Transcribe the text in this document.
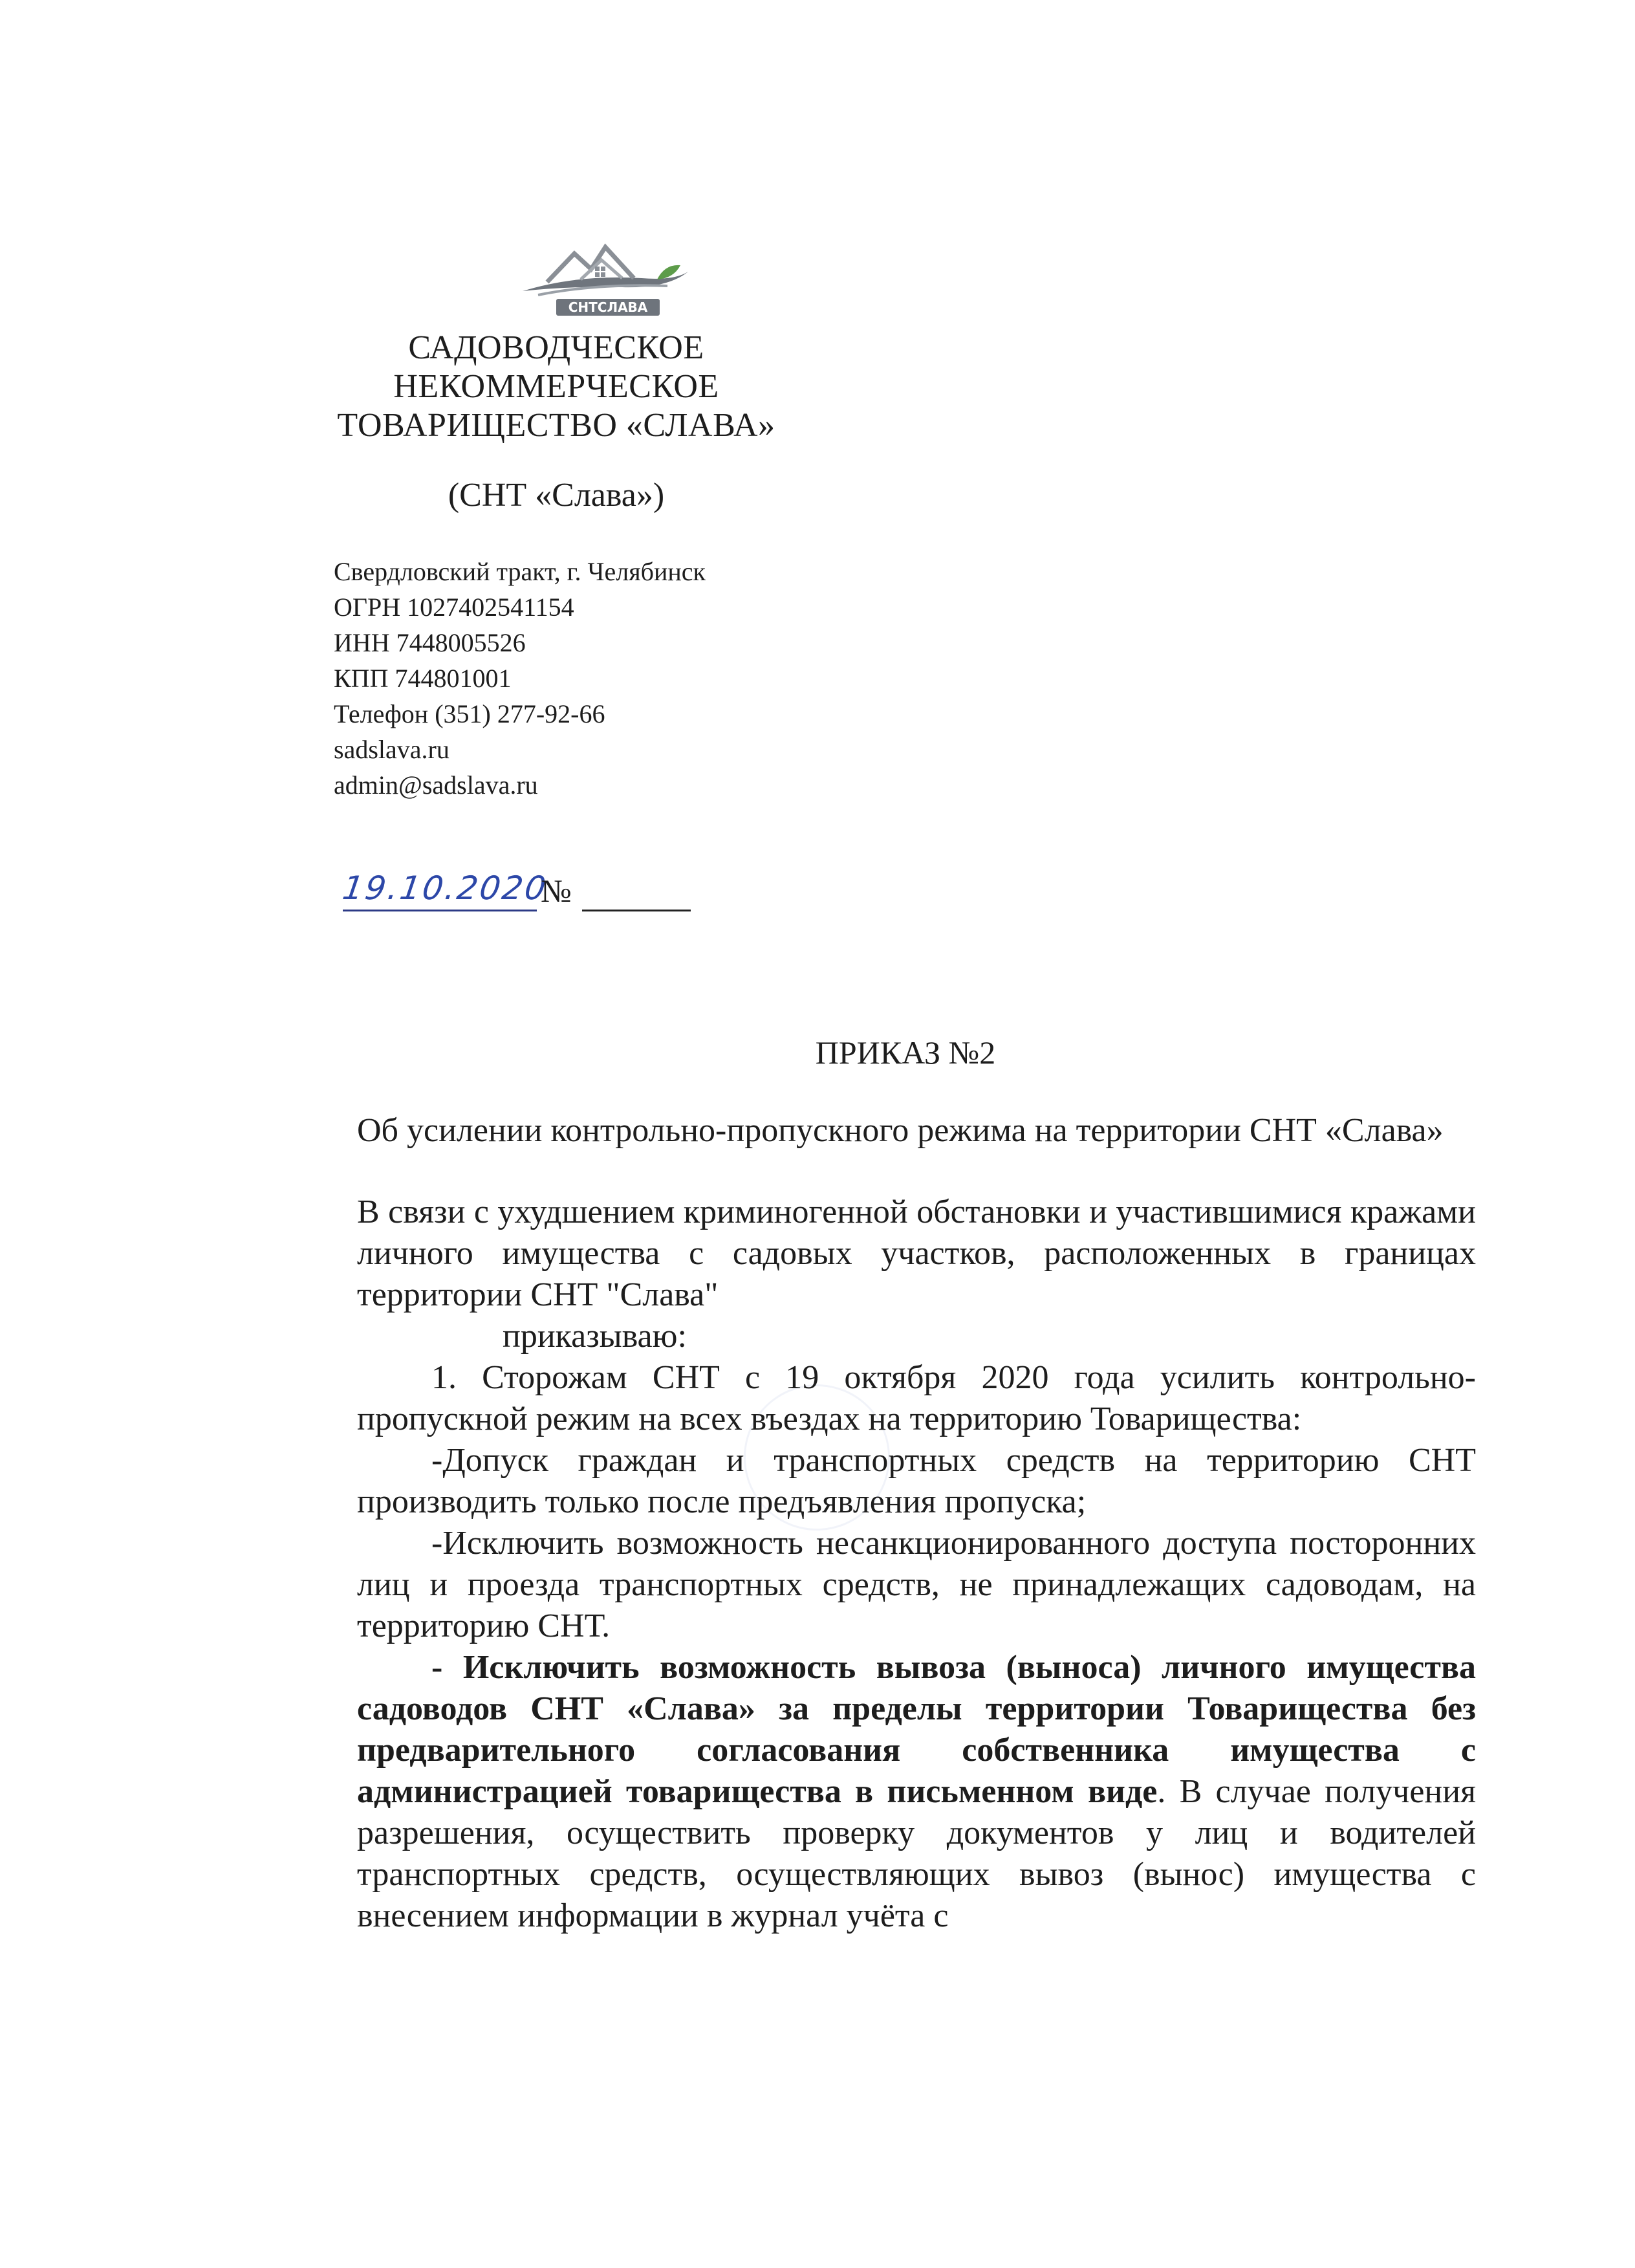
СНТСЛАВА
САДОВОДЧЕСКОЕ
НЕКОММЕРЧЕСКОЕ
ТОВАРИЩЕСТВО «СЛАВА»
(СНТ «Слава»)
Свердловский тракт, г. Челябинск
ОГРН 1027402541154
ИНН 7448005526
КПП 744801001
Телефон (351) 277-92-66
sadslava.ru
admin@sadslava.ru
19.10.2020
№
ПРИКАЗ №2

Об усилении контрольно-пропускного режима на территории СНТ «Слава»

В связи с ухудшением криминогенной обстановки и участившимися кражами личного имущества с садовых участков, расположенных в границах территории СНТ "Слава"

приказываю:

1. Сторожам СНТ с 19 октября 2020 года усилить контрольно-пропускной режим на всех въездах на территорию Товарищества:

-Допуск граждан и транспортных средств на территорию СНТ производить только после предъявления пропуска;

-Исключить возможность несанкционированного доступа посторонних лиц и проезда транспортных средств, не принадлежащих садоводам, на территорию СНТ.

- Исключить возможность вывоза (выноса) личного имущества садоводов СНТ «Слава» за пределы территории Товарищества без предварительного согласования собственника имущества с администрацией товарищества в письменном виде. В случае получения разрешения, осуществить проверку документов у лиц и водителей транспортных средств, осуществляющих вывоз (вынос) имущества с внесением информации в журнал учёта с
